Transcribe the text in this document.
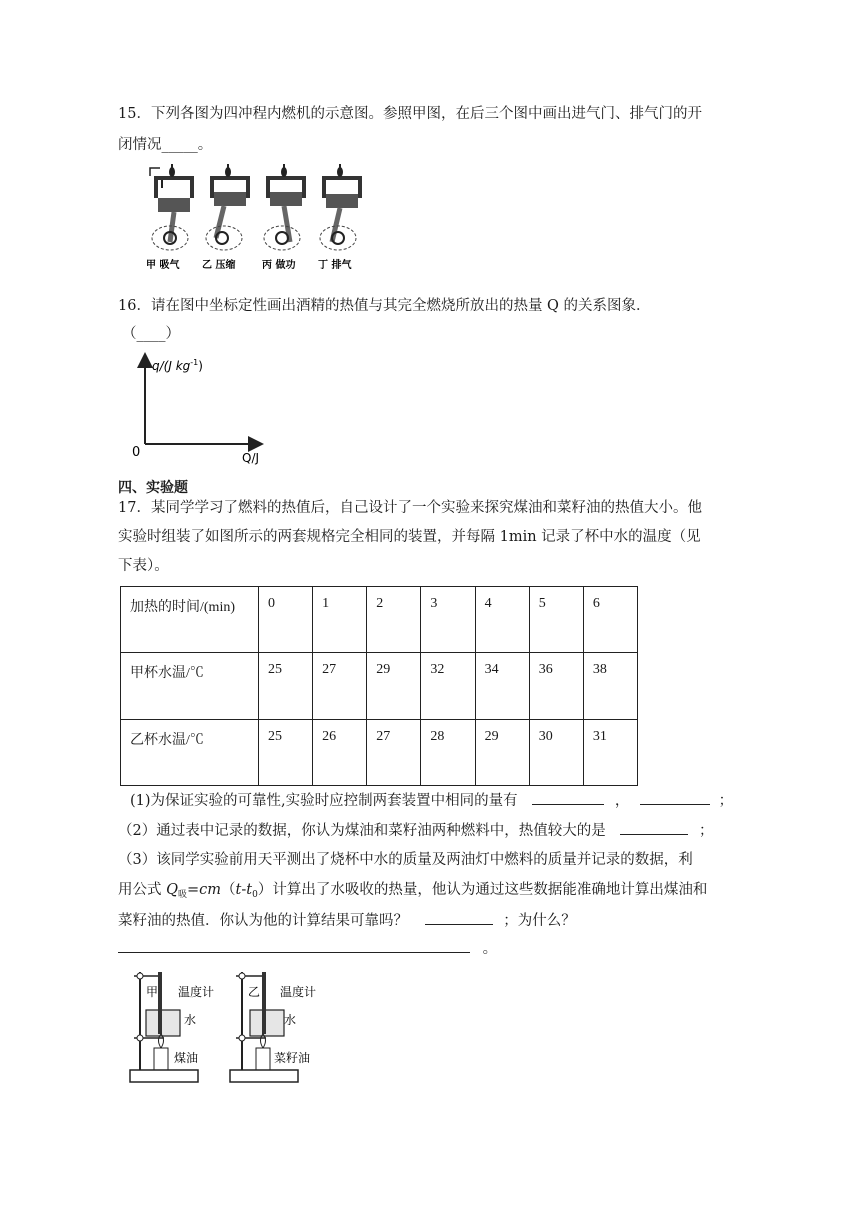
15．下列各图为四冲程内燃机的示意图。参照甲图，在后三个图中画出进气门、排气门的开
闭情况_____。
甲 吸气 乙 压缩	丙 做功 丁 排气
16．请在图中坐标定性画出酒精的热值与其完全燃烧所放出的热量 Q 的关系图象．
（____）
q/(J $kg^{-1}$)
0	Q/J
四、实验题
17．某同学学习了燃料的热值后，自己设计了一个实验来探究煤油和菜籽油的热值大小。他
实验时组装了如图所示的两套规格完全相同的装置，并每隔 1min 记录了杯中水的温度（见
下表）。
加热的时间/(min)	0	1	2	3	4	5	6
甲杯水温/℃	25	27	29	32	34	36	38
乙杯水温/℃	25	26	27	28	29	30	31
(1)为保证实验的可靠性,实验时应控制两套装置中相同的量有	，	；
（2）通过表中记录的数据，你认为煤油和菜籽油两种燃料中，热值较大的是	；
（3）该同学实验前用天平测出了烧杯中水的质量及两油灯中燃料的质量并记录的数据，利
用公式 $Q_吸=cm(t-t_0)$计算出了水吸收的热量，他认为通过这些数据能准确地计算出煤油和
菜籽油的热值．你认为他的计算结果可靠吗？	；为什么？
。
甲 温度计
水
煤油
乙 温度计
水
菜籽油
